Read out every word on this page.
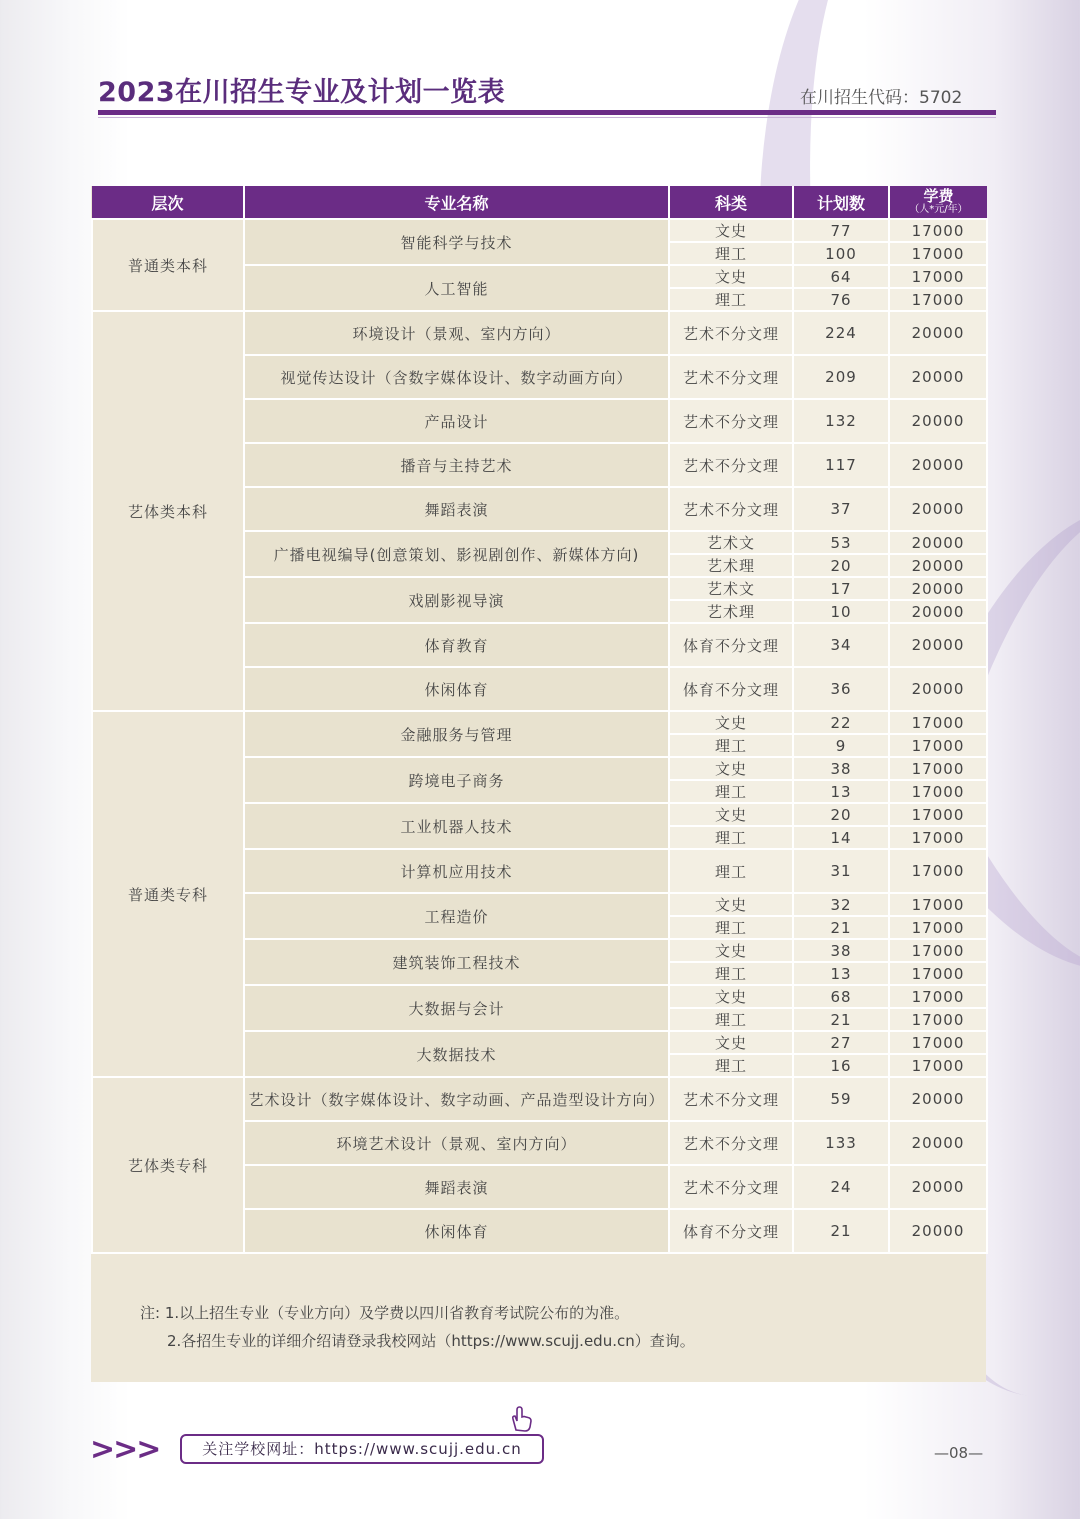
2023在川招生专业及计划一览表	在川招生代码：5702
层次	专业名称	科类	计划数	学费
（人*元/年）

普通类本科	智能科学与技术	文史	77	17000
		理工	100	17000
	人工智能	文史	64	17000
		理工	76	17000
艺体类本科	环境设计（景观、室内方向）	艺术不分文理	224	20000
	视觉传达设计（含数字媒体设计、数字动画方向）	艺术不分文理	209	20000
	产品设计	艺术不分文理	132	20000
	播音与主持艺术	艺术不分文理	117	20000
	舞蹈表演	艺术不分文理	37	20000
	广播电视编导(创意策划、影视剧创作、新媒体方向)	艺术文	53	20000
		艺术理	20	20000
	戏剧影视导演	艺术文	17	20000
		艺术理	10	20000
	体育教育	体育不分文理	34	20000
	休闲体育	体育不分文理	36	20000
普通类专科	金融服务与管理	文史	22	17000
		理工	9	17000
	跨境电子商务	文史	38	17000
		理工	13	17000
	工业机器人技术	文史	20	17000
		理工	14	17000
	计算机应用技术	理工	31	17000
	工程造价	文史	32	17000
		理工	21	17000
	建筑装饰工程技术	文史	38	17000
		理工	13	17000
	大数据与会计	文史	68	17000
		理工	21	17000
	大数据技术	文史	27	17000
		理工	16	17000
艺体类专科	艺术设计（数字媒体设计、数字动画、产品造型设计方向）	艺术不分文理	59	20000
	环境艺术设计（景观、室内方向）	艺术不分文理	133	20000
	舞蹈表演	艺术不分文理	24	20000
	休闲体育	体育不分文理	21	20000
注: 1.以上招生专业（专业方向）及学费以四川省教育考试院公布的为准。
2.各招生专业的详细介绍请登录我校网站（https://www.scujj.edu.cn）查询。
>>>	关注学校网址：https://www.scujj.edu.cn	—08—
